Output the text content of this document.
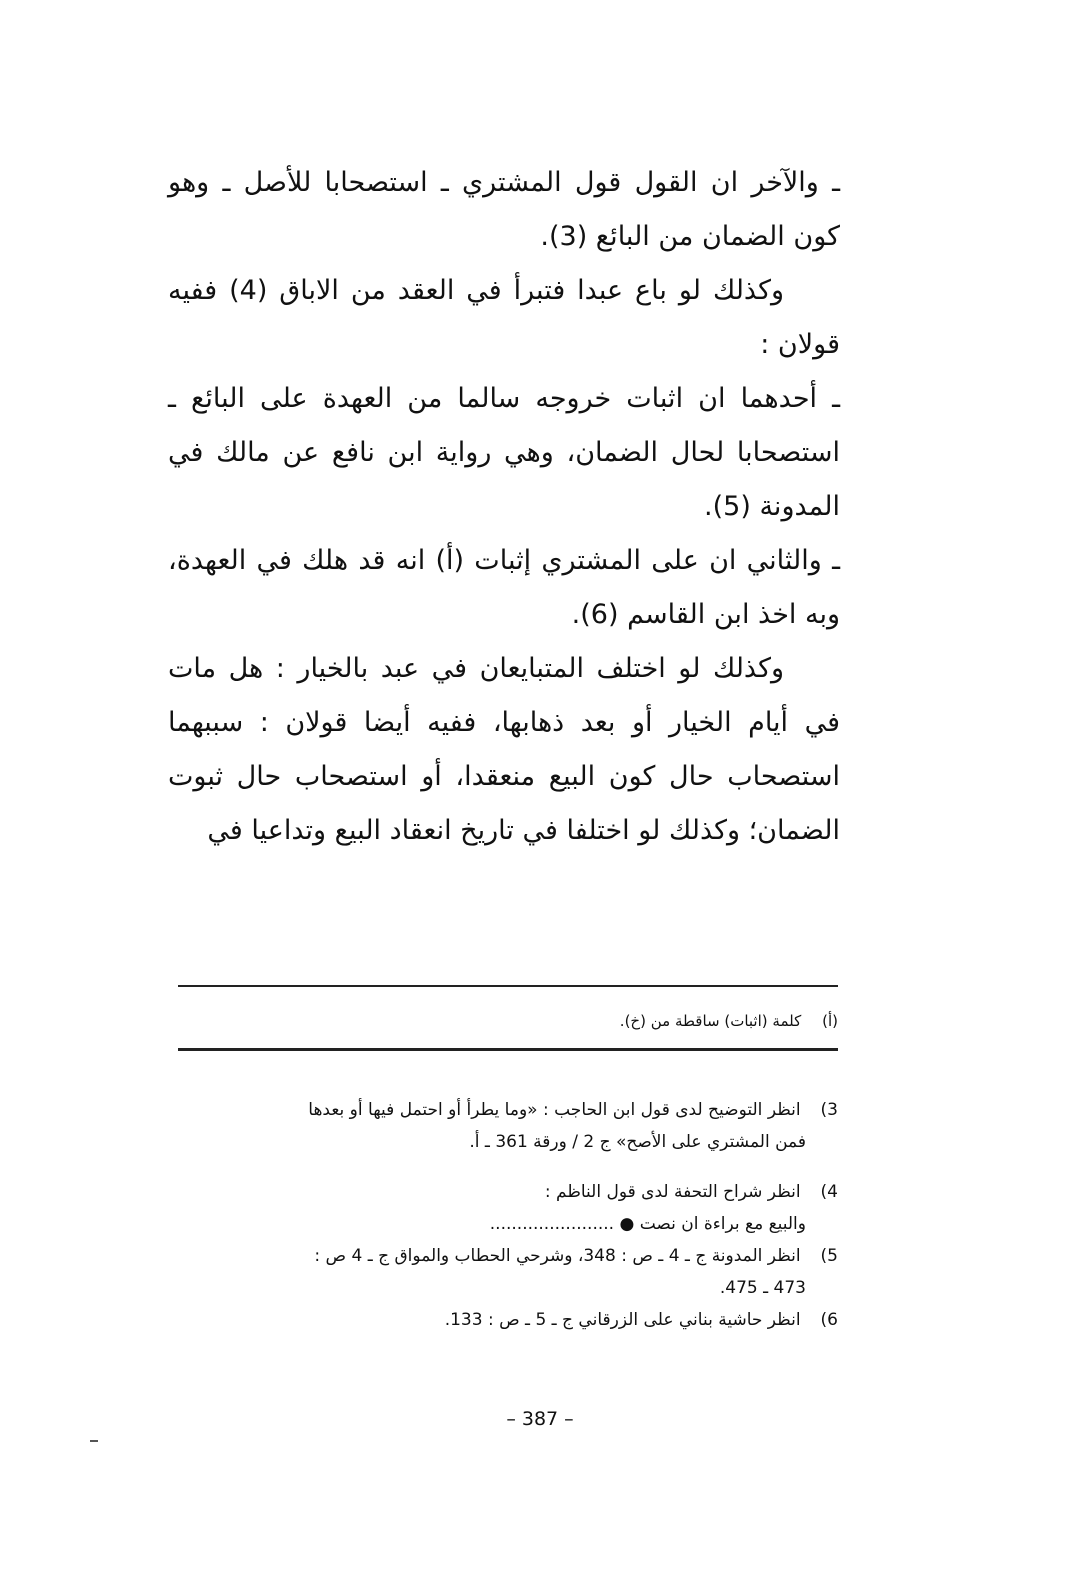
ـ والآخر ان القول قول المشتري ـ استصحابا للأصل ـ وهو كون الضمان من البائع (3).

وكذلك لو باع عبدا فتبرأ في العقد من الاباق (4) ففيه قولان :

ـ أحدهما ان اثبات خروجه سالما من العهدة على البائع ـ استصحابا لحال الضمان، وهي رواية ابن نافع عن مالك في المدونة (5).

ـ والثاني ان على المشتري إثبات (أ) انه قد هلك في العهدة، وبه اخذ ابن القاسم (6).

وكذلك لو اختلف المتبايعان في عبد بالخيار : هل مات في أيام الخيار أو بعد ذهابها، ففيه أيضا قولان : سببهما استصحاب حال كون البيع منعقدا، أو استصحاب حال ثبوت الضمان؛ وكذلك لو اختلفا في تاريخ انعقاد البيع وتداعيا في

(أ) كلمة (اثبات) ساقطة من (خ).
3) انظر التوضيح لدى قول ابن الحاجب : «وما يطرأ أو احتمل فيها أو بعدها
فمن المشتري على الأصح» ج 2 / ورقة 361 ـ أ.
4) انظر شراح التحفة لدى قول الناظم :
والبيع مع براءة ان نصت ● .......................
5) انظر المدونة ج ـ 4 ـ ص : 348، وشرحي الحطاب والمواق ج ـ 4 ص :
473 ـ 475.
6) انظر حاشية بناني على الزرقاني ج ـ 5 ـ ص : 133.
– 387 –
